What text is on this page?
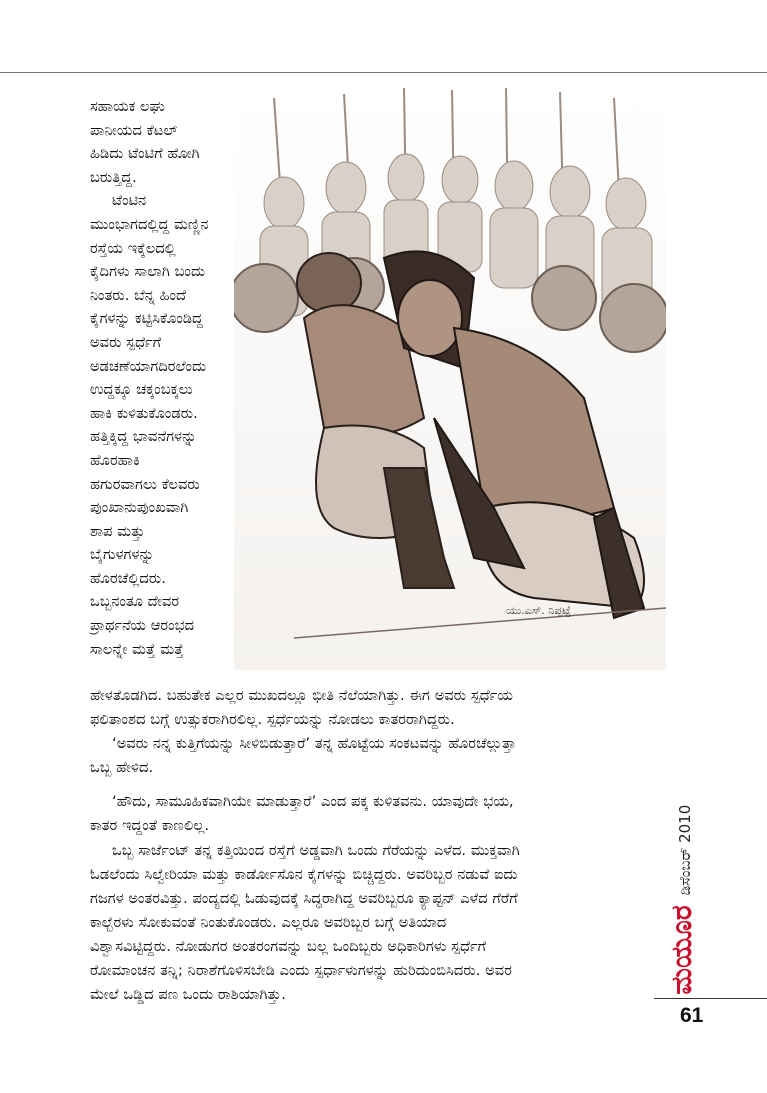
ಸಹಾಯಕ ಲಘು
ಪಾನೀಯದ ಕೆಟಲ್
ಹಿಡಿದು ಟೆಂಟಿಗೆ ಹೋಗಿ
ಬರುತ್ತಿದ್ದ.
ಟೆಂಟಿನ
ಮುಂಭಾಗದಲ್ಲಿದ್ದ ಮಣ್ಣಿನ
ರಸ್ತೆಯ ಇಕ್ಕೆಲದಲ್ಲಿ
ಕೈದಿಗಳು ಸಾಲಾಗಿ ಬಂದು
ನಿಂತರು. ಬೆನ್ನ ಹಿಂದೆ
ಕೈಗಳನ್ನು ಕಟ್ಟಿಸಿಕೊಂಡಿದ್ದ
ಅವರು ಸ್ಪರ್ಧೆಗೆ
ಅಡಚಣೆಯಾಗದಿರಲೆಂದು
ಉದ್ದಕ್ಕೂ ಚಕ್ಕಂಬಕ್ಕಲು
ಹಾಕಿ ಕುಳಿತುಕೊಂಡರು.
ಹತ್ತಿಕ್ಕಿದ್ದ ಭಾವನೆಗಳನ್ನು
ಹೊರಹಾಕಿ
ಹಗುರವಾಗಲು ಕೆಲವರು
ಪುಂಖಾನುಪುಂಖವಾಗಿ
ಶಾಪ ಮತ್ತು
ಬೈಗುಳಗಳನ್ನು
ಹೊರಚೆಲ್ಲಿದರು.
ಒಬ್ಬನಂತೂ ದೇವರ
ಪ್ರಾರ್ಥನೆಯ ಆರಂಭದ
ಸಾಲನ್ನೇ ಮತ್ತೆ ಮತ್ತೆ
ಯು.ಎಸ್. ನಿಪ್ಪಟ್ಟೆ
ಹೇಳತೊಡಗಿದ. ಬಹುತೇಕ ಎಲ್ಲರ ಮುಖದಲ್ಲೂ ಭೀತಿ ನೆಲೆಯಾಗಿತ್ತು. ಈಗ ಅವರು ಸ್ಪರ್ಧೆಯ
ಫಲಿತಾಂಶದ ಬಗ್ಗೆ ಉತ್ಸುಕರಾಗಿರಲಿಲ್ಲ. ಸ್ಪರ್ಧೆಯನ್ನು ನೋಡಲು ಕಾತರರಾಗಿದ್ದರು.
‘ಅವರು ನನ್ನ ಕುತ್ತಿಗೆಯನ್ನು ಸೀಳಿಬಿಡುತ್ತಾರೆ’ ತನ್ನ ಹೊಟ್ಟೆಯ ಸಂಕಟವನ್ನು ಹೊರಚೆಲ್ಲುತ್ತಾ
ಒಬ್ಬ ಹೇಳಿದ.
‘ಹೌದು, ಸಾಮೂಹಿಕವಾಗಿಯೇ ಮಾಡುತ್ತಾರೆ’ ಎಂದ ಪಕ್ಕ ಕುಳಿತವನು. ಯಾವುದೇ ಭಯ,
ಕಾತರ ಇದ್ದಂತೆ ಕಾಣಲಿಲ್ಲ.
ಒಬ್ಬ ಸಾರ್ಜೆಂಟ್ ತನ್ನ ಕತ್ತಿಯಿಂದ ರಸ್ತೆಗೆ ಅಡ್ಡವಾಗಿ ಒಂದು ಗೆರೆಯನ್ನು ಎಳೆದ. ಮುಕ್ತವಾಗಿ
ಓಡಲೆಂದು ಸಿಲ್ವೇರಿಯಾ ಮತ್ತು ಕಾರ್ಡೋಸೊನ ಕೈಗಳನ್ನು ಬಿಚ್ಚಿದ್ದರು. ಅವರಿಬ್ಬರ ನಡುವೆ ಐದು
ಗಜಗಳ ಅಂತರವಿತ್ತು. ಪಂದ್ಯದಲ್ಲಿ ಓಡುವುದಕ್ಕೆ ಸಿದ್ಧರಾಗಿದ್ದ ಅವರಿಬ್ಬರೂ ಕ್ಯಾಪ್ಟನ್ ಎಳೆದ ಗೆರೆಗೆ
ಕಾಲ್ಬೆರಳು ಸೋಕುವಂತೆ ನಿಂತುಕೊಂಡರು. ಎಲ್ಲರೂ ಅವರಿಬ್ಬರ ಬಗ್ಗೆ ಅತಿಯಾದ
ವಿಶ್ವಾಸವಿಟ್ಟಿದ್ದರು. ನೋಡುಗರ ಅಂತರಂಗವನ್ನು ಬಲ್ಲ ಒಂದಿಬ್ಬರು ಅಧಿಕಾರಿಗಳು ಸ್ಪರ್ಧೆಗೆ
ರೋಮಾಂಚನ ತನ್ನಿ; ನಿರಾಶೆಗೊಳಿಸಬೇಡಿ ಎಂದು ಸ್ಪರ್ಧಾಳುಗಳನ್ನು ಹುರಿದುಂಬಿಸಿದರು. ಅವರ
ಮೇಲೆ ಒಡ್ಡಿದ ಪಣ ಒಂದು ರಾಶಿಯಾಗಿತ್ತು.
ಡಿಸೆಂಬರ್ 2010
ಮಯೂರ
61
